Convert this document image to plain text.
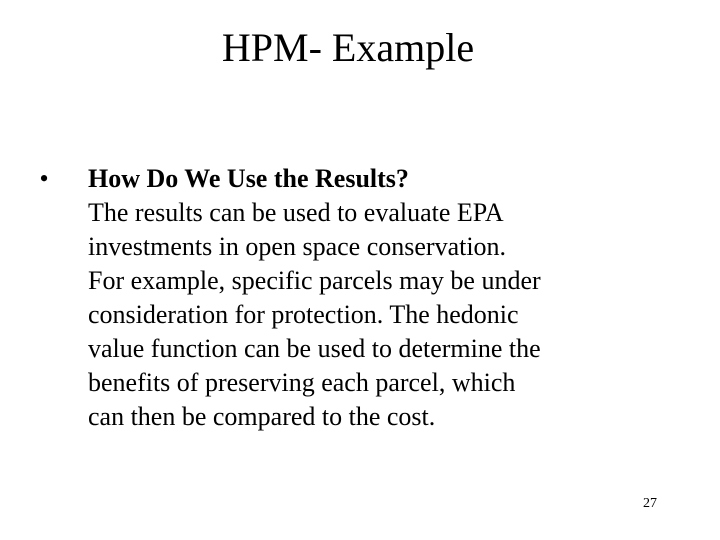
HPM- Example
• How Do We Use the Results?
The results can be used to evaluate EPA
investments in open space conservation.
For example, specific parcels may be under
consideration for protection. The hedonic
value function can be used to determine the
benefits of preserving each parcel, which
can then be compared to the cost.
27
